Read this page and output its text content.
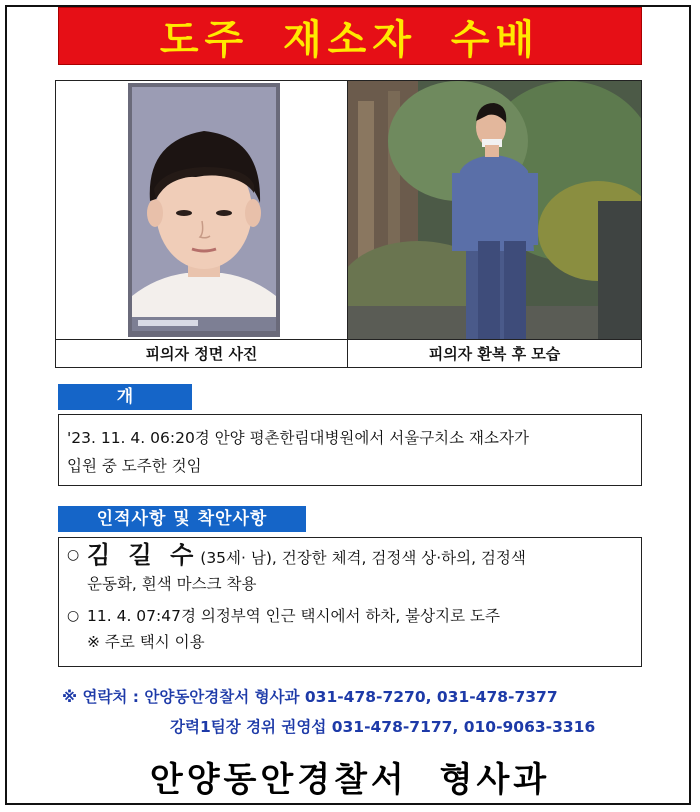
도주 재소자 수배
피의자 정면 사진	피의자 환복 후 모습
개 요
'23. 11. 4. 06:20경 안양 평촌한림대병원에서 서울구치소 재소자가
입원 중 도주한 것임
인적사항 및 착안사항
○ 김 길 수 (35세· 남), 건장한 체격, 검정색 상·하의, 검정색
운동화, 흰색 마스크 착용
○ 11. 4. 07:47경 의정부역 인근 택시에서 하차, 불상지로 도주
※ 주로 택시 이용
※ 연락처 : 안양동안경찰서 형사과 031-478-7270, 031-478-7377
강력1팀장 경위 권영섭 031-478-7177, 010-9063-3316
안양동안경찰서 형사과
